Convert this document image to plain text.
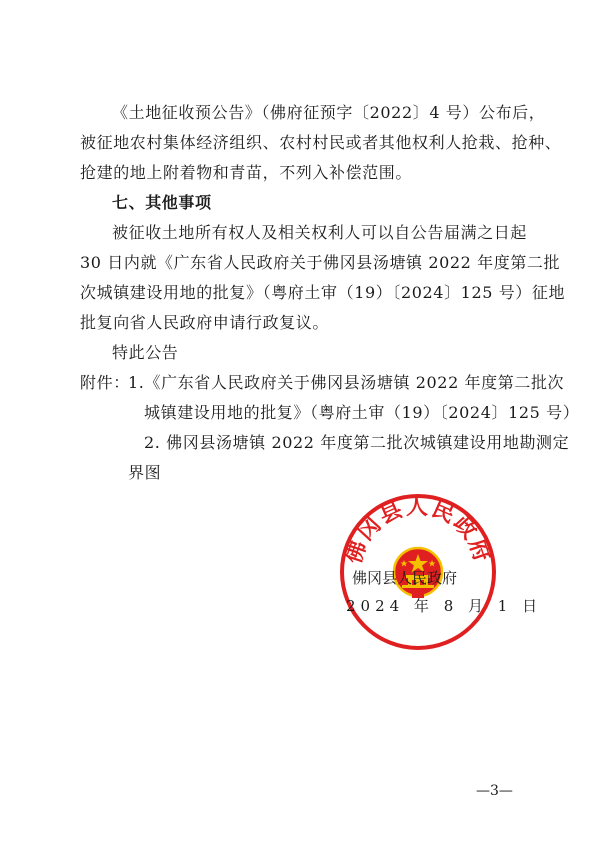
《土地征收预公告》（佛府征预字〔2022〕4 号）公布后，
被征地农村集体经济组织、农村村民或者其他权利人抢栽、抢种、
抢建的地上附着物和青苗，不列入补偿范围。
七、其他事项
被征收土地所有权人及相关权利人可以自公告届满之日起
30 日内就《广东省人民政府关于佛冈县汤塘镇 2022 年度第二批
次城镇建设用地的批复》（粤府土审（19）〔2024〕125 号）征地
批复向省人民政府申请行政复议。
特此公告
附件：
1.《广东省人民政府关于佛冈县汤塘镇 2022 年度第二批次
城镇建设用地的批复》（粤府土审（19）〔2024〕125 号）
2. 佛冈县汤塘镇 2022 年度第二批次城镇建设用地勘测定
界图
佛冈县人民政府
佛冈县人民政府
2024 年 8 月 1 日
—3—
